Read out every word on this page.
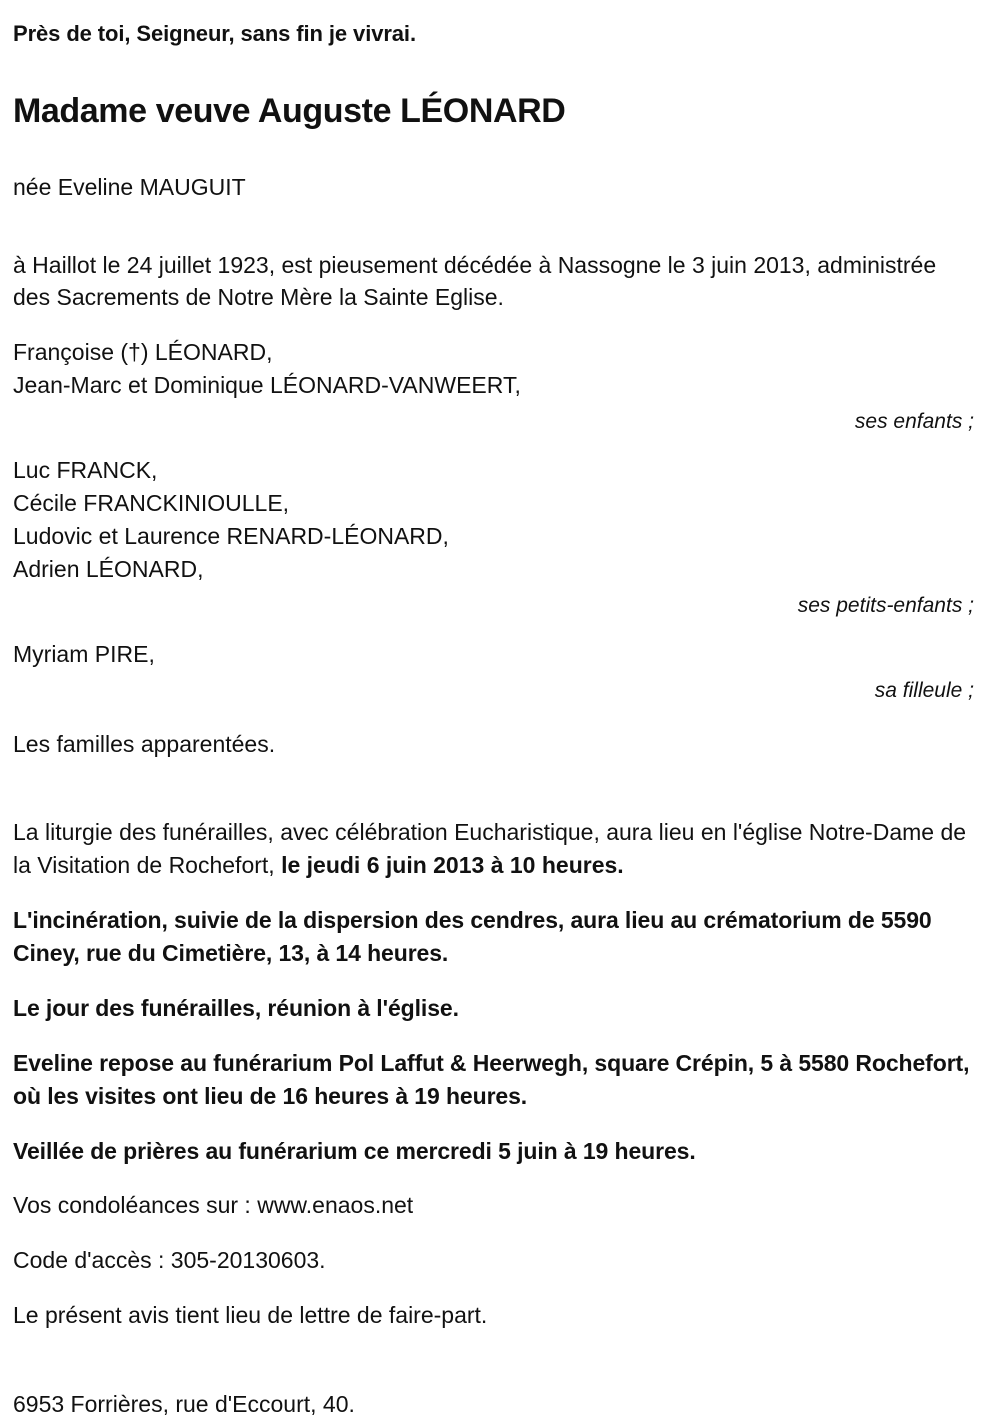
Près de toi, Seigneur, sans fin je vivrai.

Madame veuve Auguste LÉONARD

née Eveline MAUGUIT

à Haillot le 24 juillet 1923, est pieusement décédée à Nassogne le 3 juin 2013, administrée des Sacrements de Notre Mère la Sainte Eglise.

Françoise (†) LÉONARD,

Jean-Marc et Dominique LÉONARD-VANWEERT,

ses enfants ;

Luc FRANCK,

Cécile FRANCKINIOULLE,

Ludovic et Laurence RENARD-LÉONARD,

Adrien LÉONARD,

ses petits-enfants ;

Myriam PIRE,

sa filleule ;

Les familles apparentées.

La liturgie des funérailles, avec célébration Eucharistique, aura lieu en l'église Notre-Dame de la Visitation de Rochefort, le jeudi 6 juin 2013 à 10 heures.

L'incinération, suivie de la dispersion des cendres, aura lieu au crématorium de 5590 Ciney, rue du Cimetière, 13, à 14 heures.

Le jour des funérailles, réunion à l'église.

Eveline repose au funérarium Pol Laffut & Heerwegh, square Crépin, 5 à 5580 Rochefort, où les visites ont lieu de 16 heures à 19 heures.

Veillée de prières au funérarium ce mercredi 5 juin à 19 heures.

Vos condoléances sur : www.enaos.net

Code d'accès : 305-20130603.

Le présent avis tient lieu de lettre de faire-part.

6953 Forrières, rue d'Eccourt, 40.
